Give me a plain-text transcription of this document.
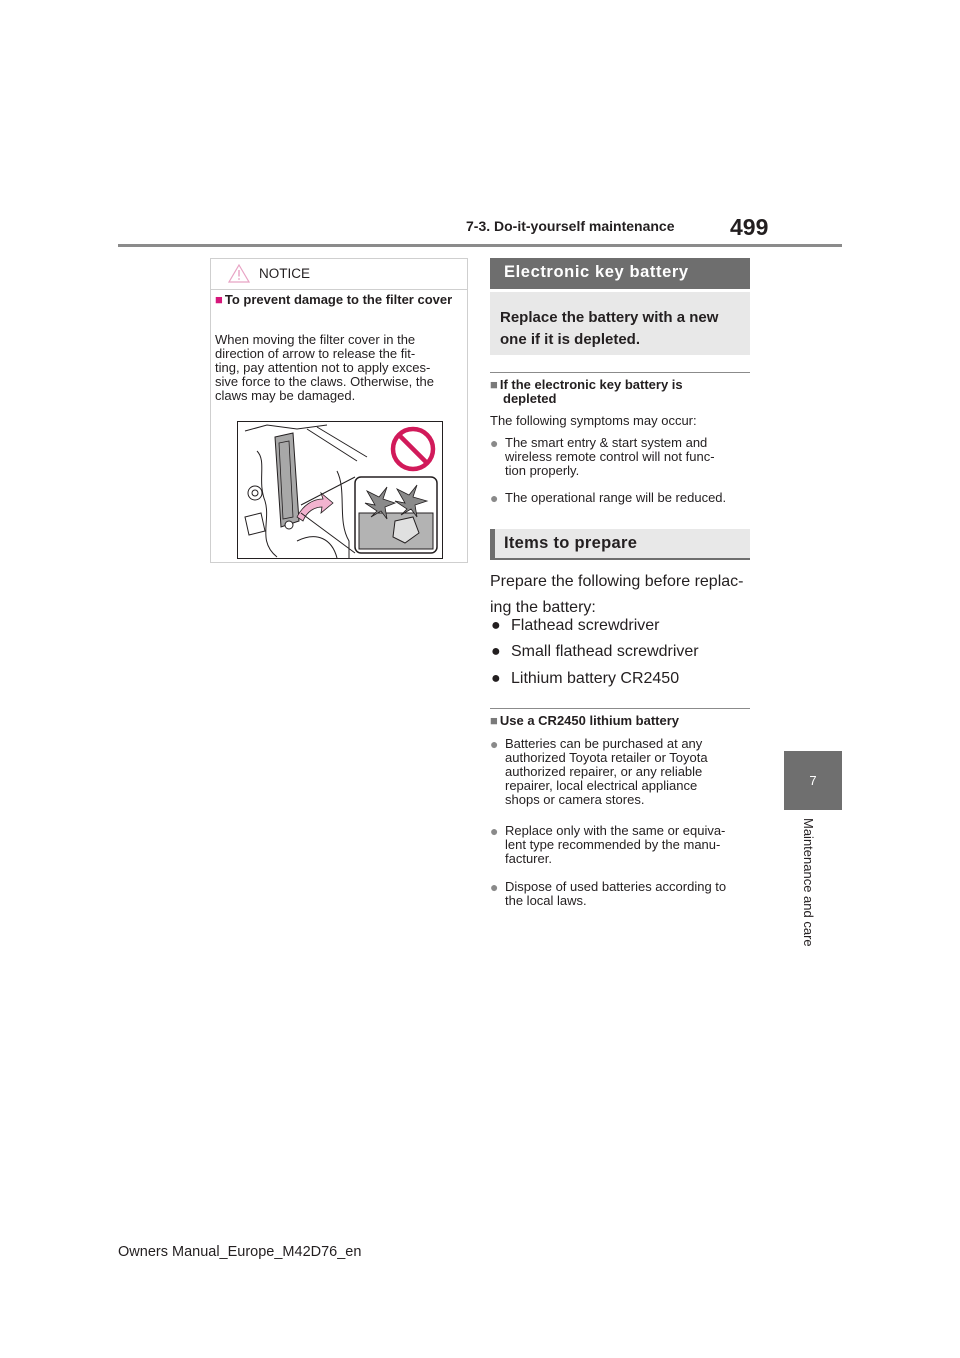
7-3. Do-it-yourself maintenance 499
7
Maintenance and care
NOTICE
■ To prevent damage to the filter cover
When moving the filter cover in the
direction of arrow to release the fit-
ting, pay attention not to apply exces-
sive force to the claws. Otherwise, the
claws may be damaged.
Electronic key battery
Replace the battery with a new one if it is depleted.
■ If the electronic key battery is
depleted
The following symptoms may occur:
● The smart entry & start system and
wireless remote control will not func-
tion properly.
● The operational range will be reduced.
Items to prepare
Prepare the following before replac-
ing the battery:
● Flathead screwdriver
● Small flathead screwdriver
● Lithium battery CR2450
■ Use a CR2450 lithium battery
● Batteries can be purchased at any
authorized Toyota retailer or Toyota
authorized repairer, or any reliable
repairer, local electrical appliance
shops or camera stores.
● Replace only with the same or equiva-
lent type recommended by the manu-
facturer.
● Dispose of used batteries according to
the local laws.
Owners Manual_Europe_M42D76_en
